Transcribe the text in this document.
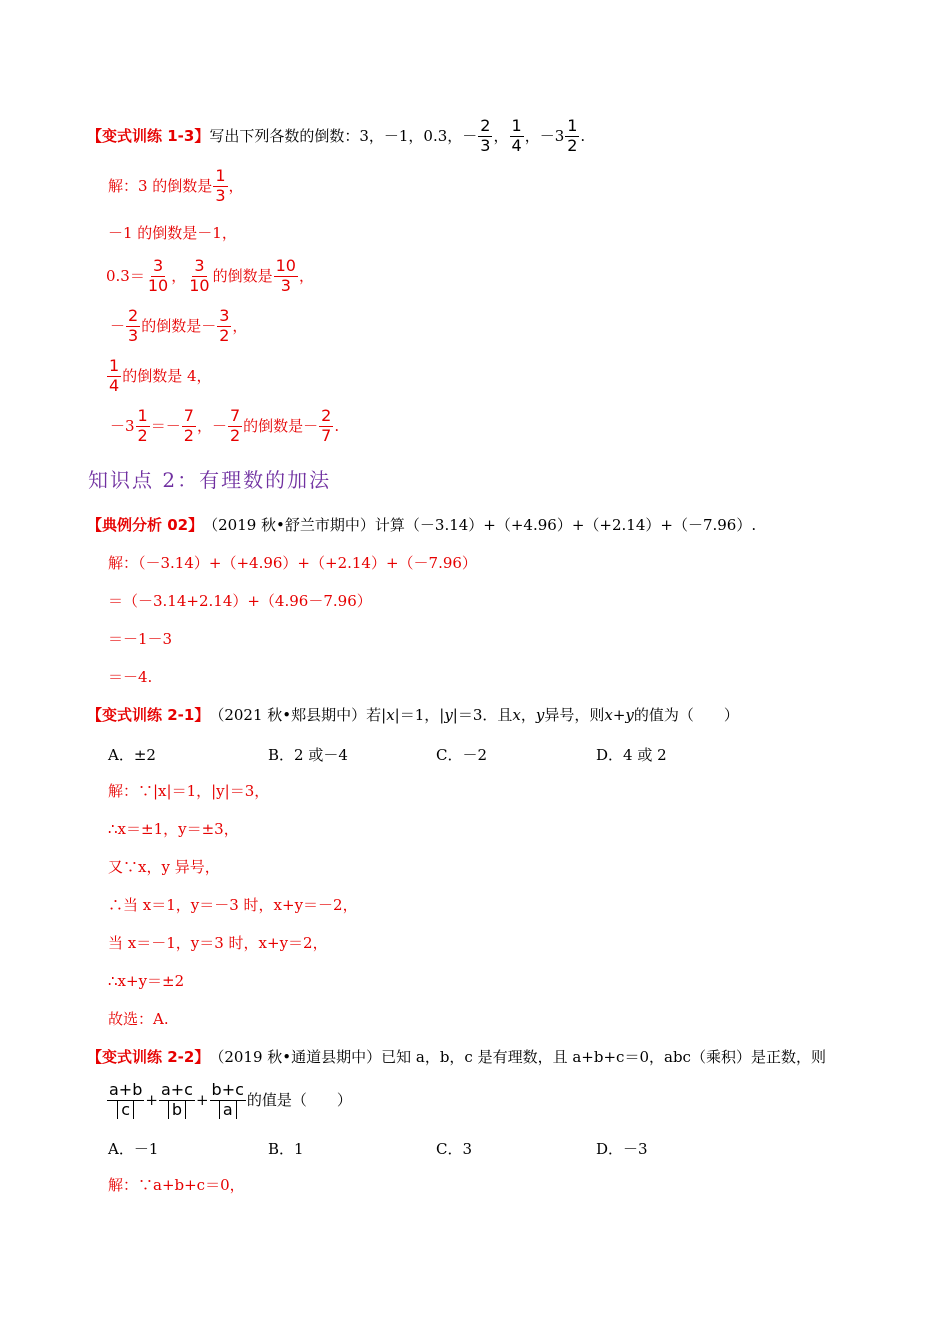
【变式训练 1-3】 写出下列各数的倒数：3，－1，0.3， － $\frac{2}{3}$ ， $\frac{1}{4}$ ，$-3 \frac{1}{2}$ .
解：3 的倒数是 $\frac{1}{3}$ ，
－1 的倒数是－1，
$0.3= \frac{3}{10}$ ， $\frac{3}{10}$ 的倒数是 $\frac{10}{3}$ ，
－ $\frac{2}{3}$ 的倒数是－ $\frac{3}{2}$ ，
$\frac{1}{4}$ 的倒数是 4，
$-3 \frac{1}{2} =- \frac{7}{2}$ ，－ $\frac{7}{2}$ 的倒数是－ $\frac{2}{7}$ .
知识点 2：有理数的加法
【典例分析 02】 （2019 秋•舒兰市期中）计算（－3.14）+（+4.96）+（+2.14）+（－7.96）.
解：（－3.14）+（+4.96）+（+2.14）+（－7.96）
＝（－3.14+2.14）+（4.96－7.96）
＝－1－3
＝－4.
【变式训练 2-1】 （2021 秋•郏县期中）若| x |＝1，| y |＝3．且 x ， y 异号，则 x+y 的值为（　　）
A．±2	B．2 或－4	C．－2	D．4 或 2
解：∵|x|＝1，|y|＝3，
∴x＝±1，y＝±3，
又∵x，y 异号，
∴当 x＝1，y＝－3 时，x+y＝－2，
当 x＝－1，y＝3 时，x+y＝2，
∴x+y＝±2
故选：A.
【变式训练 2-2】 （2019 秋•通道县期中）已知 a，b，c 是有理数，且 a+b+c＝0，abc（乘积）是正数，则
$\frac{a+b}{c} + \frac{a+c}{b} + \frac{b+c}{a}$ 的值是（　　）
A．－1	B．1	C．3	D．－3
解：∵a+b+c＝0，
